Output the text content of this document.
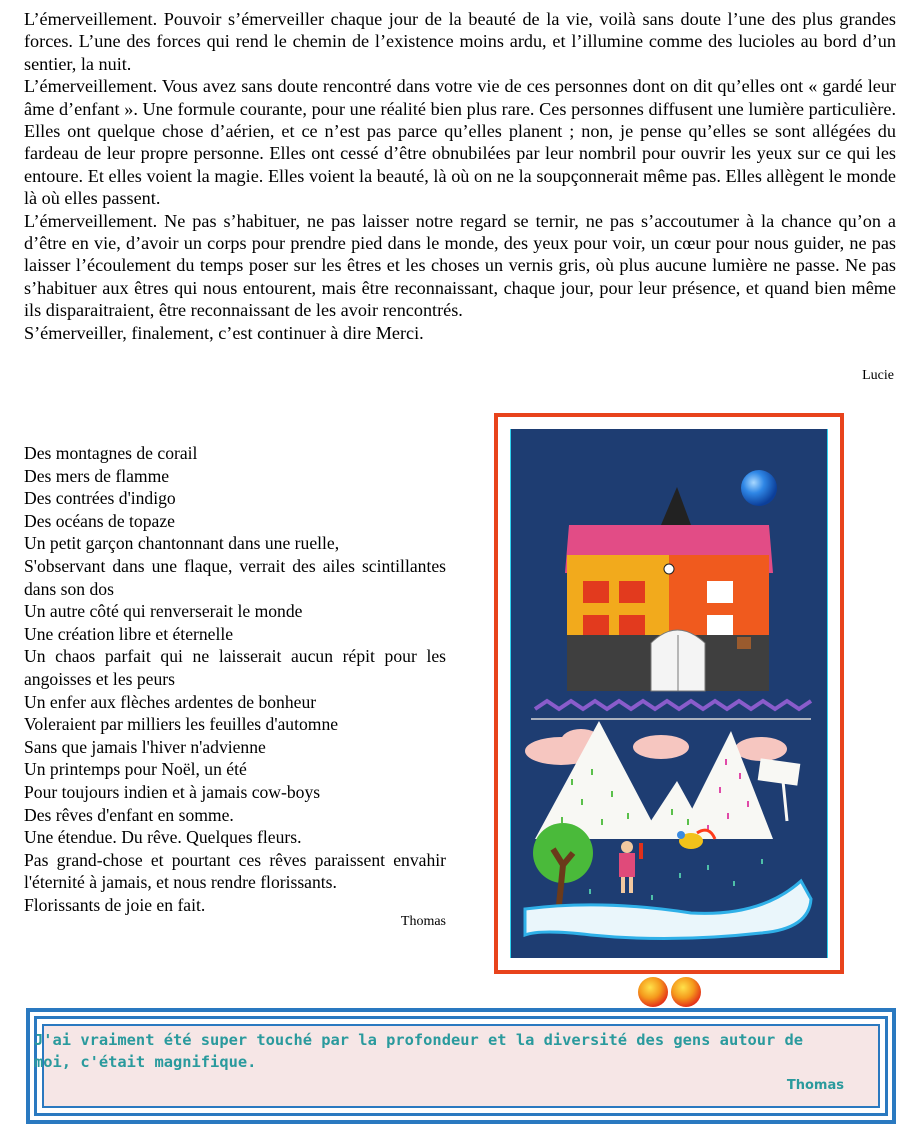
L’émerveillement. Pouvoir s’émerveiller chaque jour de la beauté de la vie, voilà sans doute l’une des plus grandes forces. L’une des forces qui rend le chemin de l’existence moins ardu, et l’illumine comme des lucioles au bord d’un sentier, la nuit.

L’émerveillement. Vous avez sans doute rencontré dans votre vie de ces personnes dont on dit qu’elles ont « gardé leur âme d’enfant ». Une formule courante, pour une réalité bien plus rare. Ces personnes diffusent une lumière particulière. Elles ont quelque chose d’aérien, et ce n’est pas parce qu’elles planent ; non, je pense qu’elles se sont allégées du fardeau de leur propre personne. Elles ont cessé d’être obnubilées par leur nombril pour ouvrir les yeux sur ce qui les entoure. Et elles voient la magie. Elles voient la beauté, là où on ne la soupçonnerait même pas. Elles allègent le monde là où elles passent.

L’émerveillement. Ne pas s’habituer, ne pas laisser notre regard se ternir, ne pas s’accoutumer à la chance qu’on a d’être en vie, d’avoir un corps pour prendre pied dans le monde, des yeux pour voir, un cœur pour nous guider, ne pas laisser l’écoulement du temps poser sur les êtres et les choses un vernis gris, où plus aucune lumière ne passe. Ne pas s’habituer aux êtres qui nous entourent, mais être reconnaissant, chaque jour, pour leur présence, et quand bien même ils disparaitraient, être reconnaissant de les avoir rencontrés.

S’émerveiller, finalement, c’est continuer à dire Merci.

Lucie
Des montagnes de corail
Des mers de flamme
Des contrées d'indigo
Des océans de topaze
Un petit garçon chantonnant dans une ruelle,
S'observant dans une flaque, verrait des ailes scintillantes dans son dos
Un autre côté qui renverserait le monde
Une création libre et éternelle
Un chaos parfait qui ne laisserait aucun répit pour les angoisses et les peurs
Un enfer aux flèches ardentes de bonheur
Voleraient par milliers les feuilles d'automne
Sans que jamais l'hiver n'advienne
Un printemps pour Noël, un été
Pour toujours indien et à jamais cow-boys
Des rêves d'enfant en somme.
Une étendue. Du rêve. Quelques fleurs.
Pas grand-chose et pourtant ces rêves paraissent envahir l'éternité à jamais, et nous rendre florissants.
Florissants de joie en fait.
Thomas
J'ai vraiment été super touché par la profondeur et la diversité des gens autour de moi, c'était magnifique.
Thomas
